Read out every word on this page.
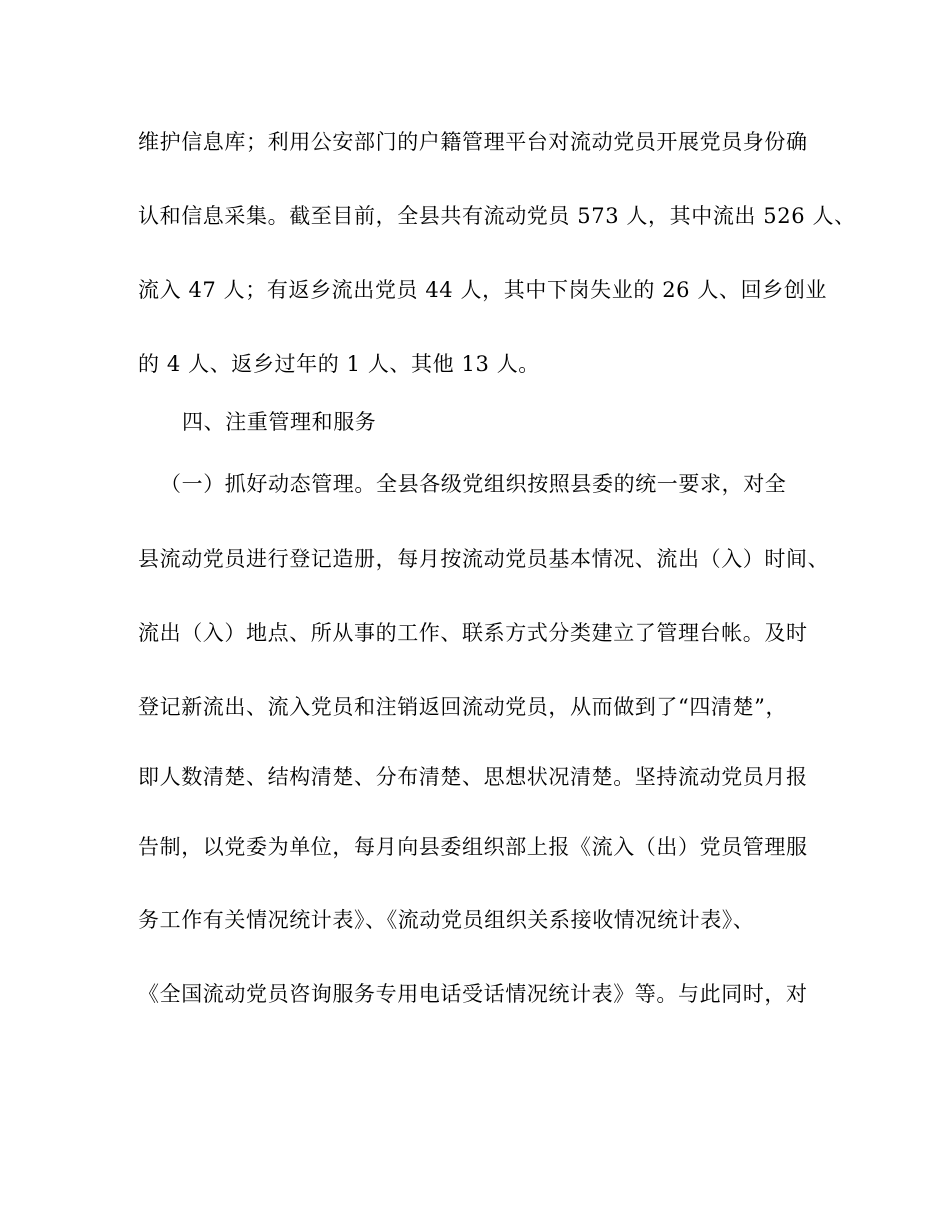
维护信息库；利用公安部门的户籍管理平台对流动党员开展党员身份确
认和信息采集。截至目前，全县共有流动党员 573 人，其中流出 526 人、
流入 47 人；有返乡流出党员 44 人，其中下岗失业的 26 人、回乡创业
的 4 人、返乡过年的 1 人、其他 13 人。
四、注重管理和服务
（一）抓好动态管理。全县各级党组织按照县委的统一要求，对全
县流动党员进行登记造册，每月按流动党员基本情况、流出（入）时间、
流出（入）地点、所从事的工作、联系方式分类建立了管理台帐。及时
登记新流出、流入党员和注销返回流动党员，从而做到了“四清楚”，
即人数清楚、结构清楚、分布清楚、思想状况清楚。坚持流动党员月报
告制，以党委为单位，每月向县委组织部上报《流入（出）党员管理服
务工作有关情况统计表》、《流动党员组织关系接收情况统计表》、
《全国流动党员咨询服务专用电话受话情况统计表》等。与此同时，对
